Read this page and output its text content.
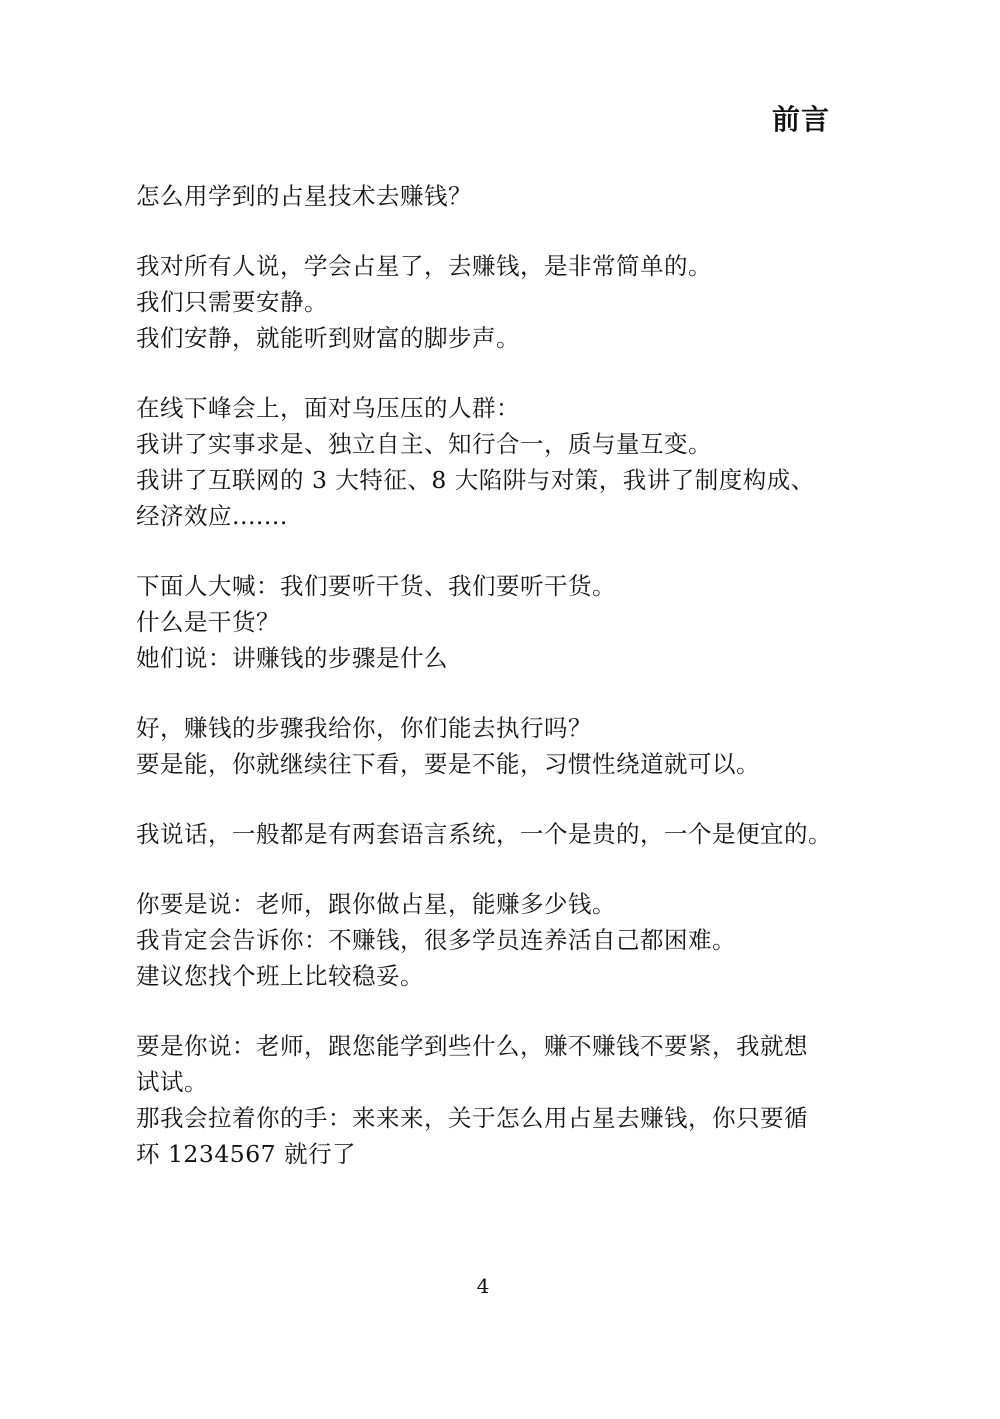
前言

怎么用学到的占星技术去赚钱？

我对所有人说，学会占星了，去赚钱，是非常简单的。
我们只需要安静。
我们安静，就能听到财富的脚步声。

在线下峰会上，面对乌压压的人群：
我讲了实事求是、独立自主、知行合一，质与量互变。
我讲了互联网的 3 大特征、8 大陷阱与对策，我讲了制度构成、
经济效应.......

下面人大喊：我们要听干货、我们要听干货。
什么是干货？
她们说：讲赚钱的步骤是什么

好，赚钱的步骤我给你，你们能去执行吗？
要是能，你就继续往下看，要是不能，习惯性绕道就可以。

我说话，一般都是有两套语言系统，一个是贵的，一个是便宜的。

你要是说：老师，跟你做占星，能赚多少钱。
我肯定会告诉你：不赚钱，很多学员连养活自己都困难。
建议您找个班上比较稳妥。

要是你说：老师，跟您能学到些什么，赚不赚钱不要紧，我就想
试试。
那我会拉着你的手：来来来，关于怎么用占星去赚钱，你只要循
环 1234567 就行了

4
